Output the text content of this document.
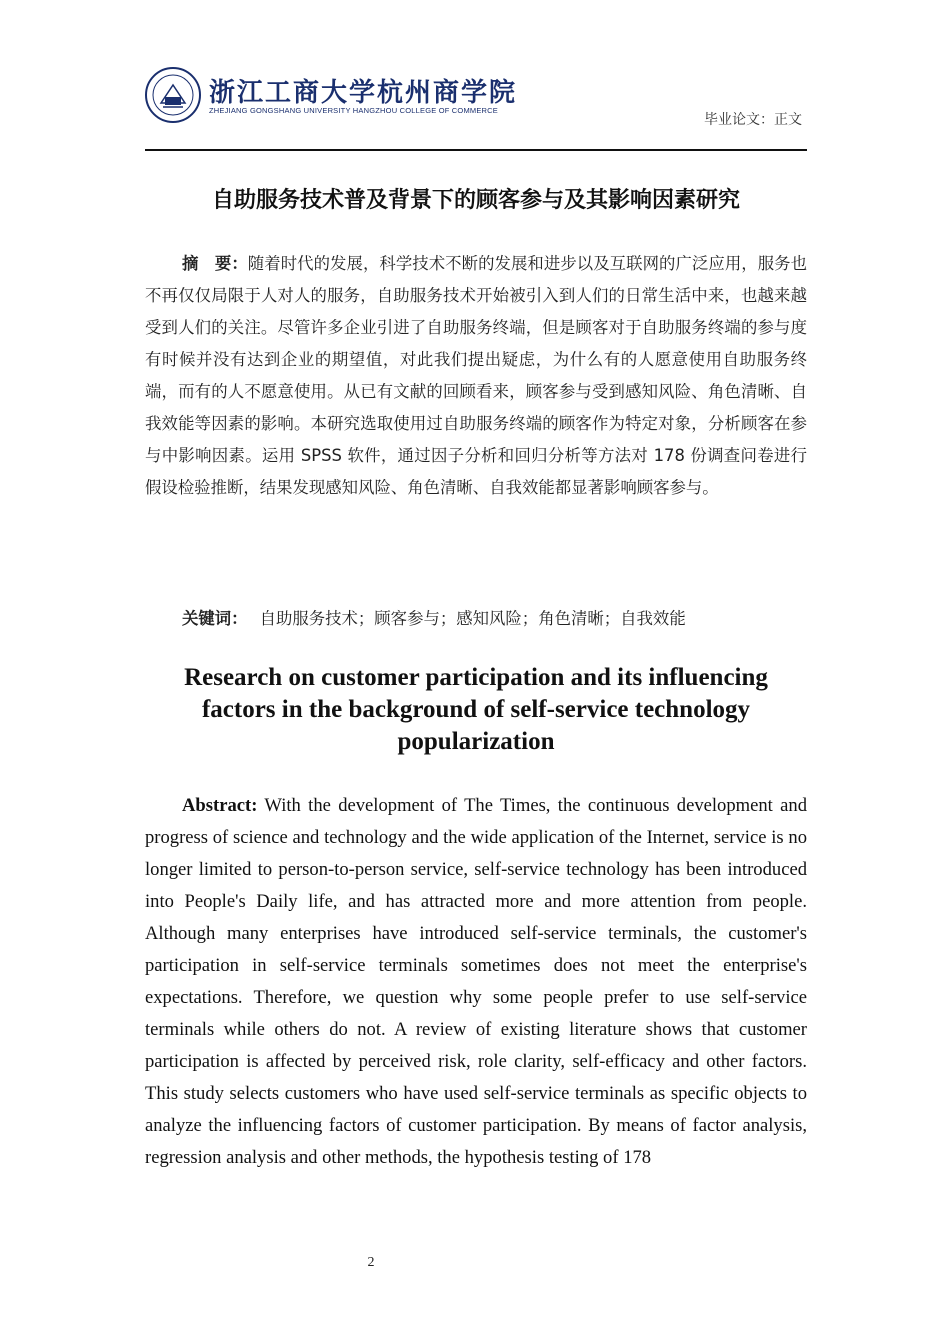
浙江工商大学杭州商学院
ZHEJIANG GONGSHANG UNIVERSITY HANGZHOU COLLEGE OF COMMERCE
毕业论文：正文
自助服务技术普及背景下的顾客参与及其影响因素研究

摘　要：随着时代的发展，科学技术不断的发展和进步以及互联网的广泛应用，服务也不再仅仅局限于人对人的服务，自助服务技术开始被引入到人们的日常生活中来，也越来越受到人们的关注。尽管许多企业引进了自助服务终端，但是顾客对于自助服务终端的参与度有时候并没有达到企业的期望值，对此我们提出疑虑，为什么有的人愿意使用自助服务终端，而有的人不愿意使用。从已有文献的回顾看来，顾客参与受到感知风险、角色清晰、自我效能等因素的影响。本研究选取使用过自助服务终端的顾客作为特定对象，分析顾客在参与中影响因素。运用 SPSS 软件，通过因子分析和回归分析等方法对 178 份调查问卷进行假设检验推断，结果发现感知风险、角色清晰、自我效能都显著影响顾客参与。

关键词： 自助服务技术；顾客参与；感知风险；角色清晰；自我效能

Research on customer participation and its influencing factors in the background of self-service technology popularization

Abstract: With the development of The Times, the continuous development and progress of science and technology and the wide application of the Internet, service is no longer limited to person-to-person service, self-service technology has been introduced into People's Daily life, and has attracted more and more attention from people. Although many enterprises have introduced self-service terminals, the customer's participation in self-service terminals sometimes does not meet the enterprise's expectations. Therefore, we question why some people prefer to use self-service terminals while others do not. A review of existing literature shows that customer participation is affected by perceived risk, role clarity, self-efficacy and other factors. This study selects customers who have used self-service terminals as specific objects to analyze the influencing factors of customer participation. By means of factor analysis, regression analysis and other methods, the hypothesis testing of 178

2
